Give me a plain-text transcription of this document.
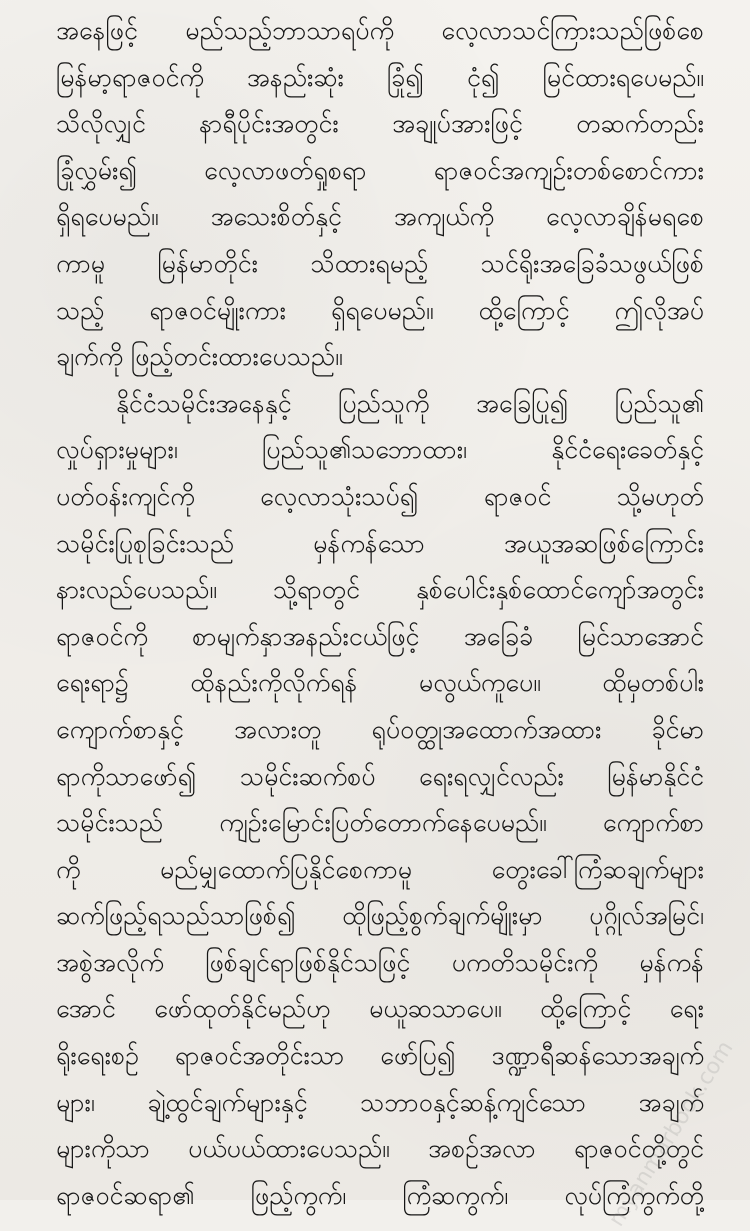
အနေဖြင့် မည်သည့်ဘာသာရပ်ကို လေ့လာသင်ကြားသည်ဖြစ်စေ
မြန်မာ့ရာဇဝင်ကို အနည်းဆုံး ခြုံ၍ ငုံ၍ မြင်ထားရပေမည်။
သိလိုလျှင် နာရီပိုင်းအတွင်း အချုပ်အားဖြင့် တဆက်တည်း
ခြုံလွှမ်း၍ လေ့လာဖတ်ရှုစရာ ရာဇဝင်အကျဉ်းတစ်စောင်ကား
ရှိရပေမည်။ အသေးစိတ်နှင့် အကျယ်ကို လေ့လာချိန်မရစေ
ကာမူ မြန်မာတိုင်း သိထားရမည့် သင်ရိုးအခြေခံသဖွယ်ဖြစ်
သည့် ရာဇဝင်မျိုးကား ရှိရပေမည်။ ထို့ကြောင့် ဤလိုအပ်
ချက်ကို ဖြည့်တင်းထားပေသည်။
နိုင်ငံသမိုင်းအနေနှင့် ပြည်သူကို အခြေပြု၍ ပြည်သူ၏
လှုပ်ရှားမှုများ၊ ပြည်သူ၏သဘောထား၊ နိုင်ငံရေးခေတ်နှင့်
ပတ်ဝန်းကျင်ကို လေ့လာသုံးသပ်၍ ရာဇဝင် သို့မဟုတ်
သမိုင်းပြုစုခြင်းသည် မှန်ကန်သော အယူအဆဖြစ်ကြောင်း
နားလည်ပေသည်။ သို့ရာတွင် နှစ်ပေါင်းနှစ်ထောင်ကျော်အတွင်း
ရာဇဝင်ကို စာမျက်နှာအနည်းငယ်ဖြင့် အခြေခံ မြင်သာအောင်
ရေးရာ၌ ထိုနည်းကိုလိုက်ရန် မလွယ်ကူပေ။ ထိုမှတစ်ပါး
ကျောက်စာနှင့် အလားတူ ရုပ်ဝတ္ထုအထောက်အထား ခိုင်မာ
ရာကိုသာဖော်၍ သမိုင်းဆက်စပ် ရေးရလျှင်လည်း မြန်မာနိုင်ငံ
သမိုင်းသည် ကျဉ်းမြောင်းပြတ်တောက်နေပေမည်။ ကျောက်စာ
ကို မည်မျှထောက်ပြနိုင်စေကာမူ တွေးခေါ်ကြံဆချက်များ
ဆက်ဖြည့်ရသည်သာဖြစ်၍ ထိုဖြည့်စွက်ချက်မျိုးမှာ ပုဂ္ဂိုလ်အမြင်၊
အစွဲအလိုက် ဖြစ်ချင်ရာဖြစ်နိုင်သဖြင့် ပကတိသမိုင်းကို မှန်ကန်
အောင် ဖော်ထုတ်နိုင်မည်ဟု မယူဆသာပေ။ ထို့ကြောင့် ရေး
ရိုးရေးစဉ် ရာဇဝင်အတိုင်းသာ ဖော်ပြ၍ ဒဏ္ဍာရီဆန်သောအချက်
များ၊ ချဲ့ထွင်ချက်များနှင့် သဘာဝနှင့်ဆန့်ကျင်သော အချက်
များကိုသာ ပယ်ပယ်ထားပေသည်။ အစဉ်အလာ ရာဇဝင်တို့တွင်
ရာဇဝင်ဆရာ၏ ဖြည့်ကွက်၊ ကြံဆကွက်၊ လုပ်ကြံကွက်တို့
myanmarbook.com
